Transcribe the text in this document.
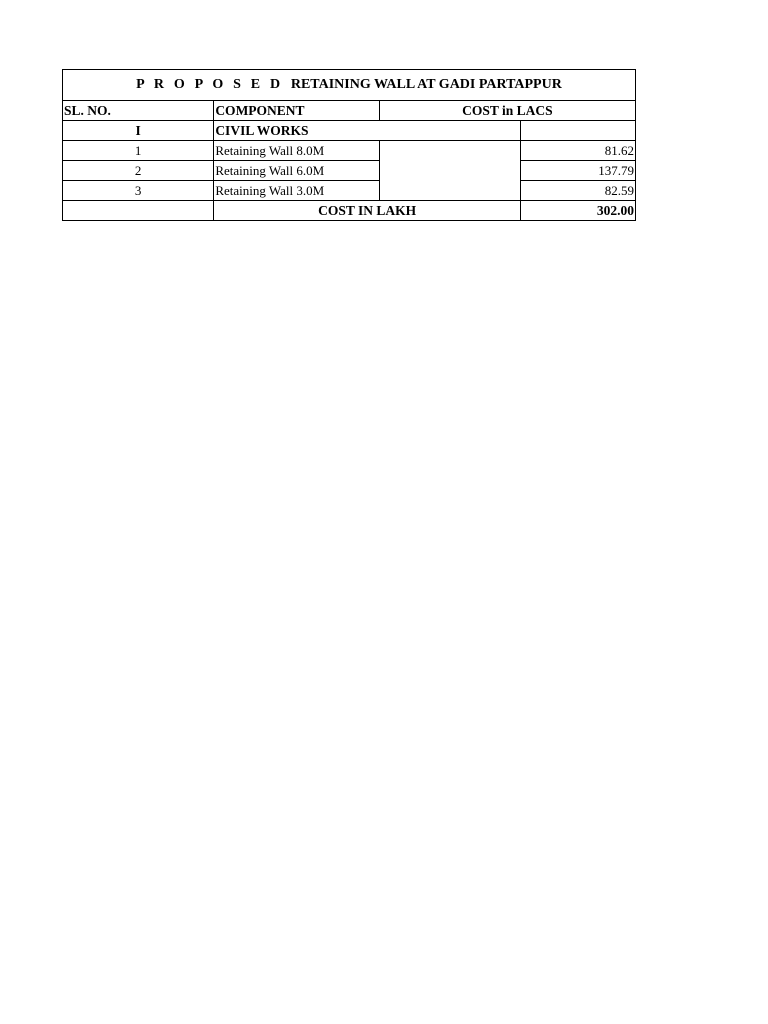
P R O P O S E D RETAINING WALL AT GADI PARTAPPUR			
SL. NO.	COMPONENT	COST in LACS	
I	CIVIL WORKS		
1	Retaining Wall 8.0M		81.62
2	Retaining Wall 6.0M		137.79
3	Retaining Wall 3.0M		82.59
	COST IN LAKH		302.00
